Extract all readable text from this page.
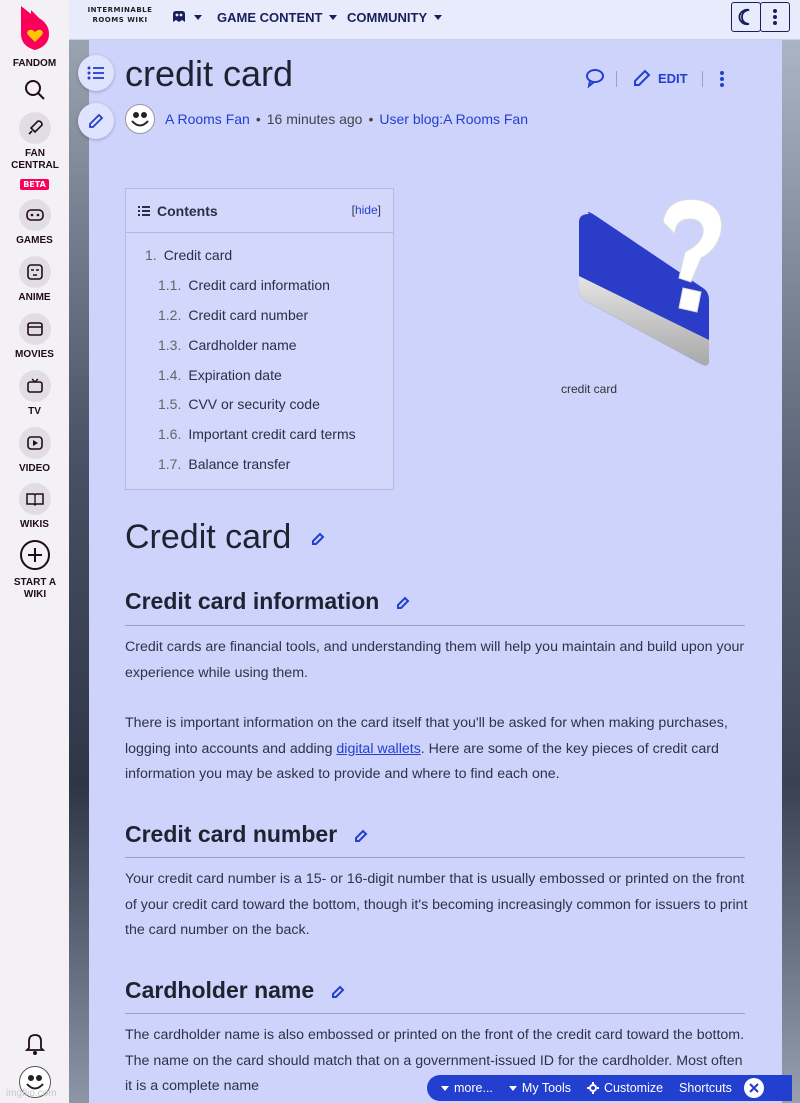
FANDOM
FAN CENTRAL
BETA
GAMES
ANIME
MOVIES
TV
VIDEO
WIKIS
START A WIKI
imgflip.com
INTERMINABLE ROOMS WIKI	GAME CONTENT COMMUNITY
credit card	EDIT
A Rooms Fan • 16 minutes ago • User blog:A Rooms Fan
Contents	[hide]
1. Credit card
1.1. Credit card information
1.2. Credit card number
1.3. Cardholder name
1.4. Expiration date
1.5. CVV or security code
1.6. Important credit card terms
1.7. Balance transfer
credit card
Credit card
Credit card information

Credit cards are financial tools, and understanding them will help you maintain and build upon your experience while using them.

There is important information on the card itself that you'll be asked for when making purchases, logging into accounts and adding digital wallets. Here are some of the key pieces of credit card information you may be asked to provide and where to find each one.

Credit card number

Your credit card number is a 15- or 16-digit number that is usually embossed or printed on the front of your credit card toward the bottom, though it's becoming increasingly common for issuers to print the card number on the back.

Cardholder name

The cardholder name is also embossed or printed on the front of the credit card toward the bottom. The name on the card should match that on a government-issued ID for the cardholder. Most often it is a complete name	more... My Tools	Customize Shortcuts
